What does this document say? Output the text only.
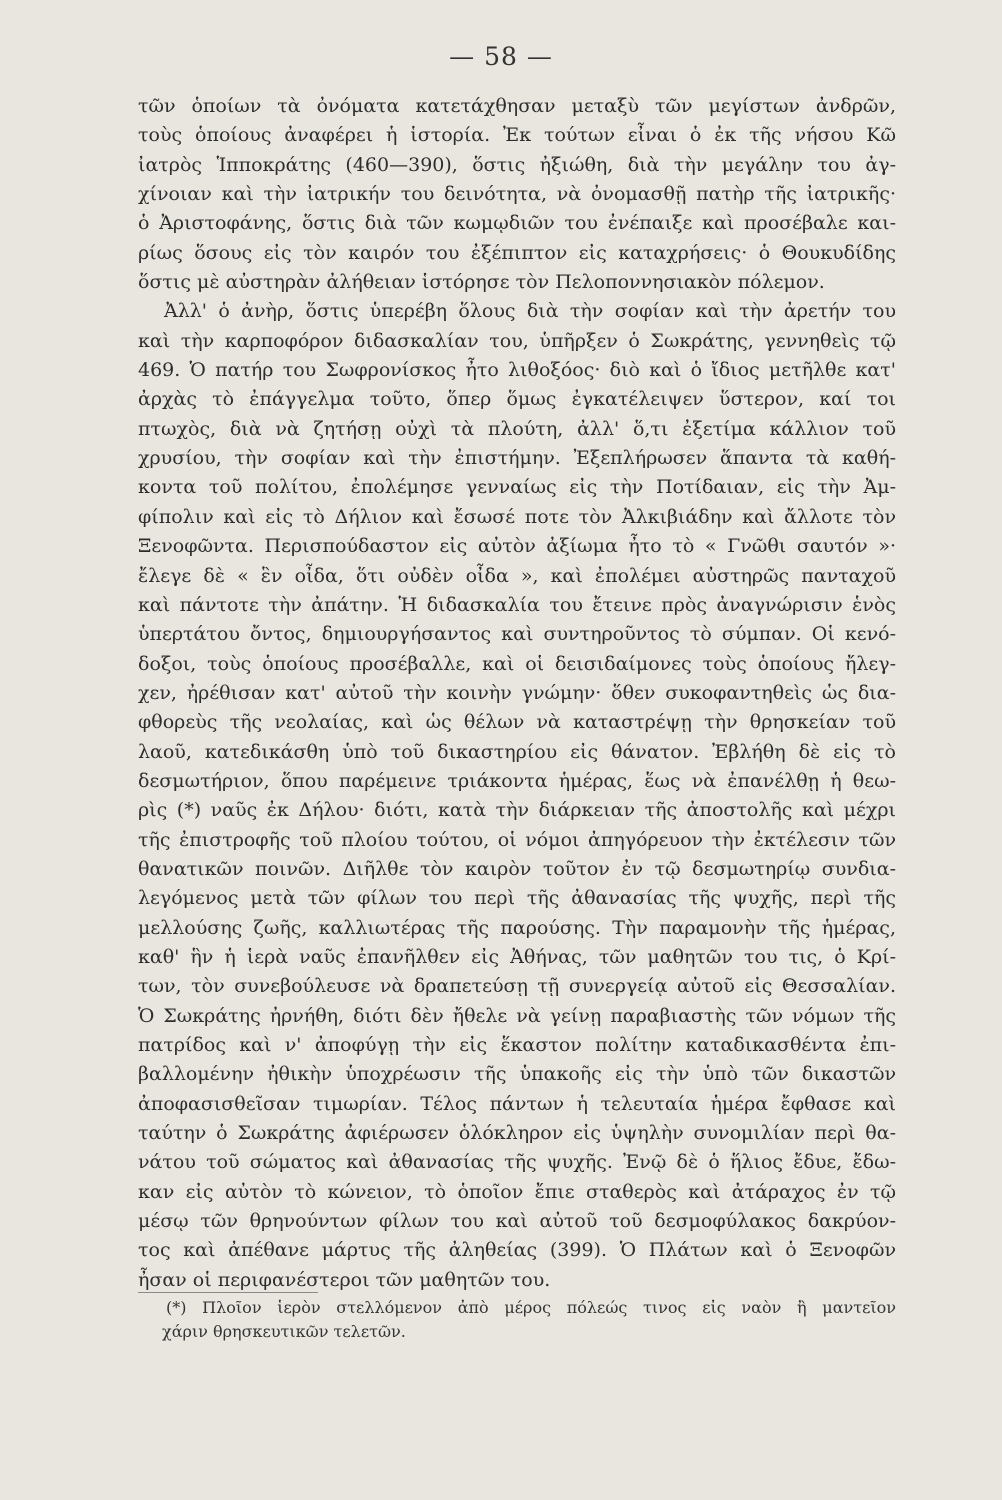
— 58 —
τῶν ὁποίων τὰ ὀνόματα κατετάχθησαν μεταξὺ τῶν μεγίστων ἀνδρῶν,
τοὺς ὁποίους ἀναφέρει ἡ ἱστορία. Ἐκ τούτων εἶναι ὁ ἐκ τῆς νήσου Κῶ
ἰατρὸς Ἱπποκράτης (460—390), ὅστις ἠξιώθη, διὰ τὴν μεγάλην του ἀγ-
χίνοιαν καὶ τὴν ἰατρικήν του δεινότητα, νὰ ὀνομασθῇ πατὴρ τῆς ἰατρικῆς·
ὁ Ἀριστοφάνης, ὅστις διὰ τῶν κωμῳδιῶν του ἐνέπαιξε καὶ προσέβαλε και-
ρίως ὅσους εἰς τὸν καιρόν του ἐξέπιπτον εἰς καταχρήσεις· ὁ Θουκυδίδης
ὅστις μὲ αὐστηρὰν ἀλήθειαν ἱστόρησε τὸν Πελοποννησιακὸν πόλεμον.
Ἀλλ' ὁ ἀνὴρ, ὅστις ὑπερέβη ὅλους διὰ τὴν σοφίαν καὶ τὴν ἀρετήν του
καὶ τὴν καρποφόρον διδασκαλίαν του, ὑπῆρξεν ὁ Σωκράτης, γεννηθεὶς τῷ
469. Ὁ πατήρ του Σωφρονίσκος ἦτο λιθοξόος· διὸ καὶ ὁ ἴδιος μετῆλθε κατ'
ἀρχὰς τὸ ἐπάγγελμα τοῦτο, ὅπερ ὅμως ἐγκατέλειψεν ὕστερον, καί τοι
πτωχὸς, διὰ νὰ ζητήσῃ οὐχὶ τὰ πλούτη, ἀλλ' ὅ,τι ἐξετίμα κάλλιον τοῦ
χρυσίου, τὴν σοφίαν καὶ τὴν ἐπιστήμην. Ἐξεπλήρωσεν ἅπαντα τὰ καθή-
κοντα τοῦ πολίτου, ἐπολέμησε γενναίως εἰς τὴν Ποτίδαιαν, εἰς τὴν Ἀμ-
φίπολιν καὶ εἰς τὸ Δήλιον καὶ ἔσωσέ ποτε τὸν Ἀλκιβιάδην καὶ ἄλλοτε τὸν
Ξενοφῶντα. Περισπούδαστον εἰς αὐτὸν ἀξίωμα ἦτο τὸ « Γνῶθι σαυτόν »·
ἔλεγε δὲ « ἓν οἶδα, ὅτι οὐδὲν οἶδα », καὶ ἐπολέμει αὐστηρῶς πανταχοῦ
καὶ πάντοτε τὴν ἀπάτην. Ἡ διδασκαλία του ἔτεινε πρὸς ἀναγνώρισιν ἑνὸς
ὑπερτάτου ὄντος, δημιουργήσαντος καὶ συντηροῦντος τὸ σύμπαν. Οἱ κενό-
δοξοι, τοὺς ὁποίους προσέβαλλε, καὶ οἱ δεισιδαίμονες τοὺς ὁποίους ἤλεγ-
χεν, ἠρέθισαν κατ' αὐτοῦ τὴν κοινὴν γνώμην· ὅθεν συκοφαντηθεὶς ὡς δια-
φθορεὺς τῆς νεολαίας, καὶ ὡς θέλων νὰ καταστρέψῃ τὴν θρησκείαν τοῦ
λαοῦ, κατεδικάσθη ὑπὸ τοῦ δικαστηρίου εἰς θάνατον. Ἐβλήθη δὲ εἰς τὸ
δεσμωτήριον, ὅπου παρέμεινε τριάκοντα ἡμέρας, ἕως νὰ ἐπανέλθῃ ἡ θεω-
ρὶς (*) ναῦς ἐκ Δήλου· διότι, κατὰ τὴν διάρκειαν τῆς ἀποστολῆς καὶ μέχρι
τῆς ἐπιστροφῆς τοῦ πλοίου τούτου, οἱ νόμοι ἀπηγόρευον τὴν ἐκτέλεσιν τῶν
θανατικῶν ποινῶν. Διῆλθε τὸν καιρὸν τοῦτον ἐν τῷ δεσμωτηρίῳ συνδια-
λεγόμενος μετὰ τῶν φίλων του περὶ τῆς ἀθανασίας τῆς ψυχῆς, περὶ τῆς
μελλούσης ζωῆς, καλλιωτέρας τῆς παρούσης. Τὴν παραμονὴν τῆς ἡμέρας,
καθ' ἣν ἡ ἱερὰ ναῦς ἐπανῆλθεν εἰς Ἀθήνας, τῶν μαθητῶν του τις, ὁ Κρί-
των, τὸν συνεβούλευσε νὰ δραπετεύσῃ τῇ συνεργείᾳ αὐτοῦ εἰς Θεσσαλίαν.
Ὁ Σωκράτης ἠρνήθη, διότι δὲν ἤθελε νὰ γείνῃ παραβιαστὴς τῶν νόμων τῆς
πατρίδος καὶ ν' ἀποφύγῃ τὴν εἰς ἕκαστον πολίτην καταδικασθέντα ἐπι-
βαλλομένην ἠθικὴν ὑποχρέωσιν τῆς ὑπακοῆς εἰς τὴν ὑπὸ τῶν δικαστῶν
ἀποφασισθεῖσαν τιμωρίαν. Τέλος πάντων ἡ τελευταία ἡμέρα ἔφθασε καὶ
ταύτην ὁ Σωκράτης ἀφιέρωσεν ὁλόκληρον εἰς ὑψηλὴν συνομιλίαν περὶ θα-
νάτου τοῦ σώματος καὶ ἀθανασίας τῆς ψυχῆς. Ἐνῷ δὲ ὁ ἥλιος ἔδυε, ἔδω-
καν εἰς αὐτὸν τὸ κώνειον, τὸ ὁποῖον ἔπιε σταθερὸς καὶ ἀτάραχος ἐν τῷ
μέσῳ τῶν θρηνούντων φίλων του καὶ αὐτοῦ τοῦ δεσμοφύλακος δακρύον-
τος καὶ ἀπέθανε μάρτυς τῆς ἀληθείας (399). Ὁ Πλάτων καὶ ὁ Ξενοφῶν
ἦσαν οἱ περιφανέστεροι τῶν μαθητῶν του.
(*) Πλοῖον ἱερὸν στελλόμενον ἀπὸ μέρος πόλεώς τινος εἰς ναὸν ἢ μαντεῖον
χάριν θρησκευτικῶν τελετῶν.
